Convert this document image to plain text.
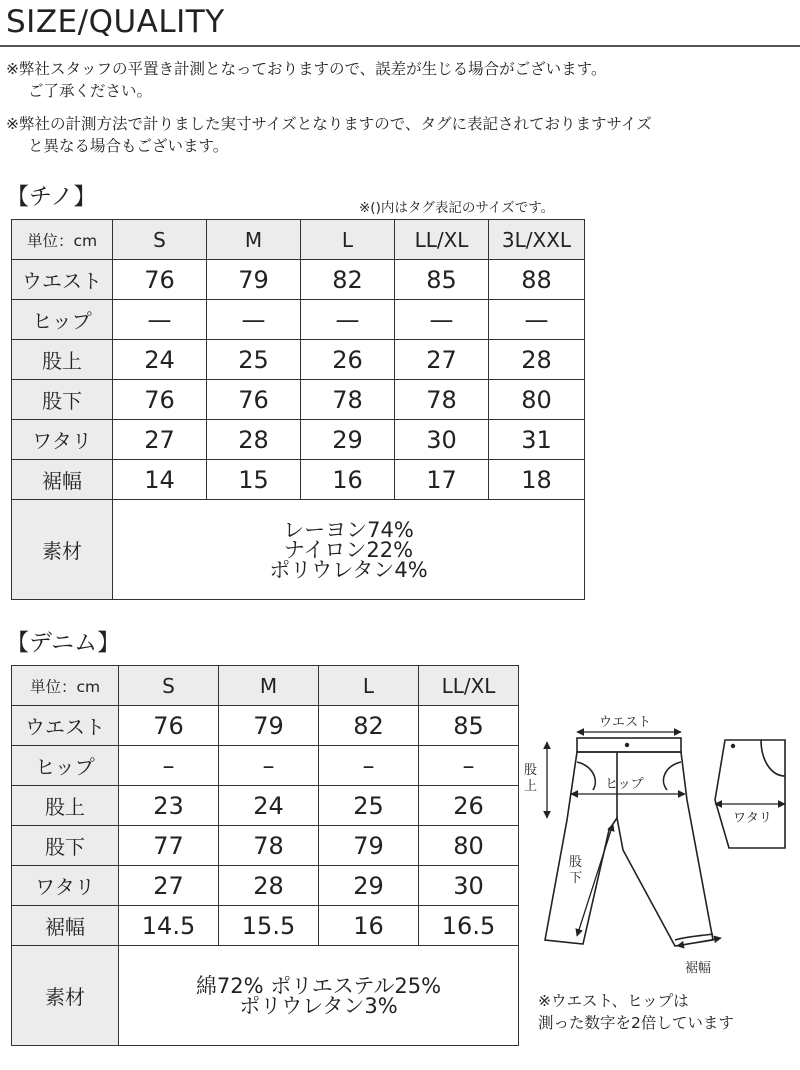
SIZE/QUALITY
※弊社スタッフの平置き計測となっておりますので、誤差が生じる場合がございます。
ご了承ください。
※弊社の計測方法で計りました実寸サイズとなりますので、タグに表記されておりますサイズ
と異なる場合もございます。
【チノ】	※()内はタグ表記のサイズです。
単位：cm	S	M	L	LL/XL	3L/XXL
ウエスト	76	79	82	85	88
ヒップ	—	—	—	—	—
股上	24	25	26	27	28
股下	76	76	78	78	80
ワタリ	27	28	29	30	31
裾幅	14	15	16	17	18
素材	レーヨン74%
ナイロン22%
ポリウレタン4%				
【デニム】
単位：cm	S	M	L	LL/XL
ウエスト	76	79	82	85
ヒップ	–	–	–	–
股上	23	24	25	26
股下	77	78	79	80
ワタリ	27	28	29	30
裾幅	14.5	15.5	16	16.5
素材	綿72% ポリエステル25%
ポリウレタン3%			
ウエスト
ヒップ
股
上
股
下
裾幅
ワタリ
※ウエスト、ヒップは
測った数字を2倍しています
